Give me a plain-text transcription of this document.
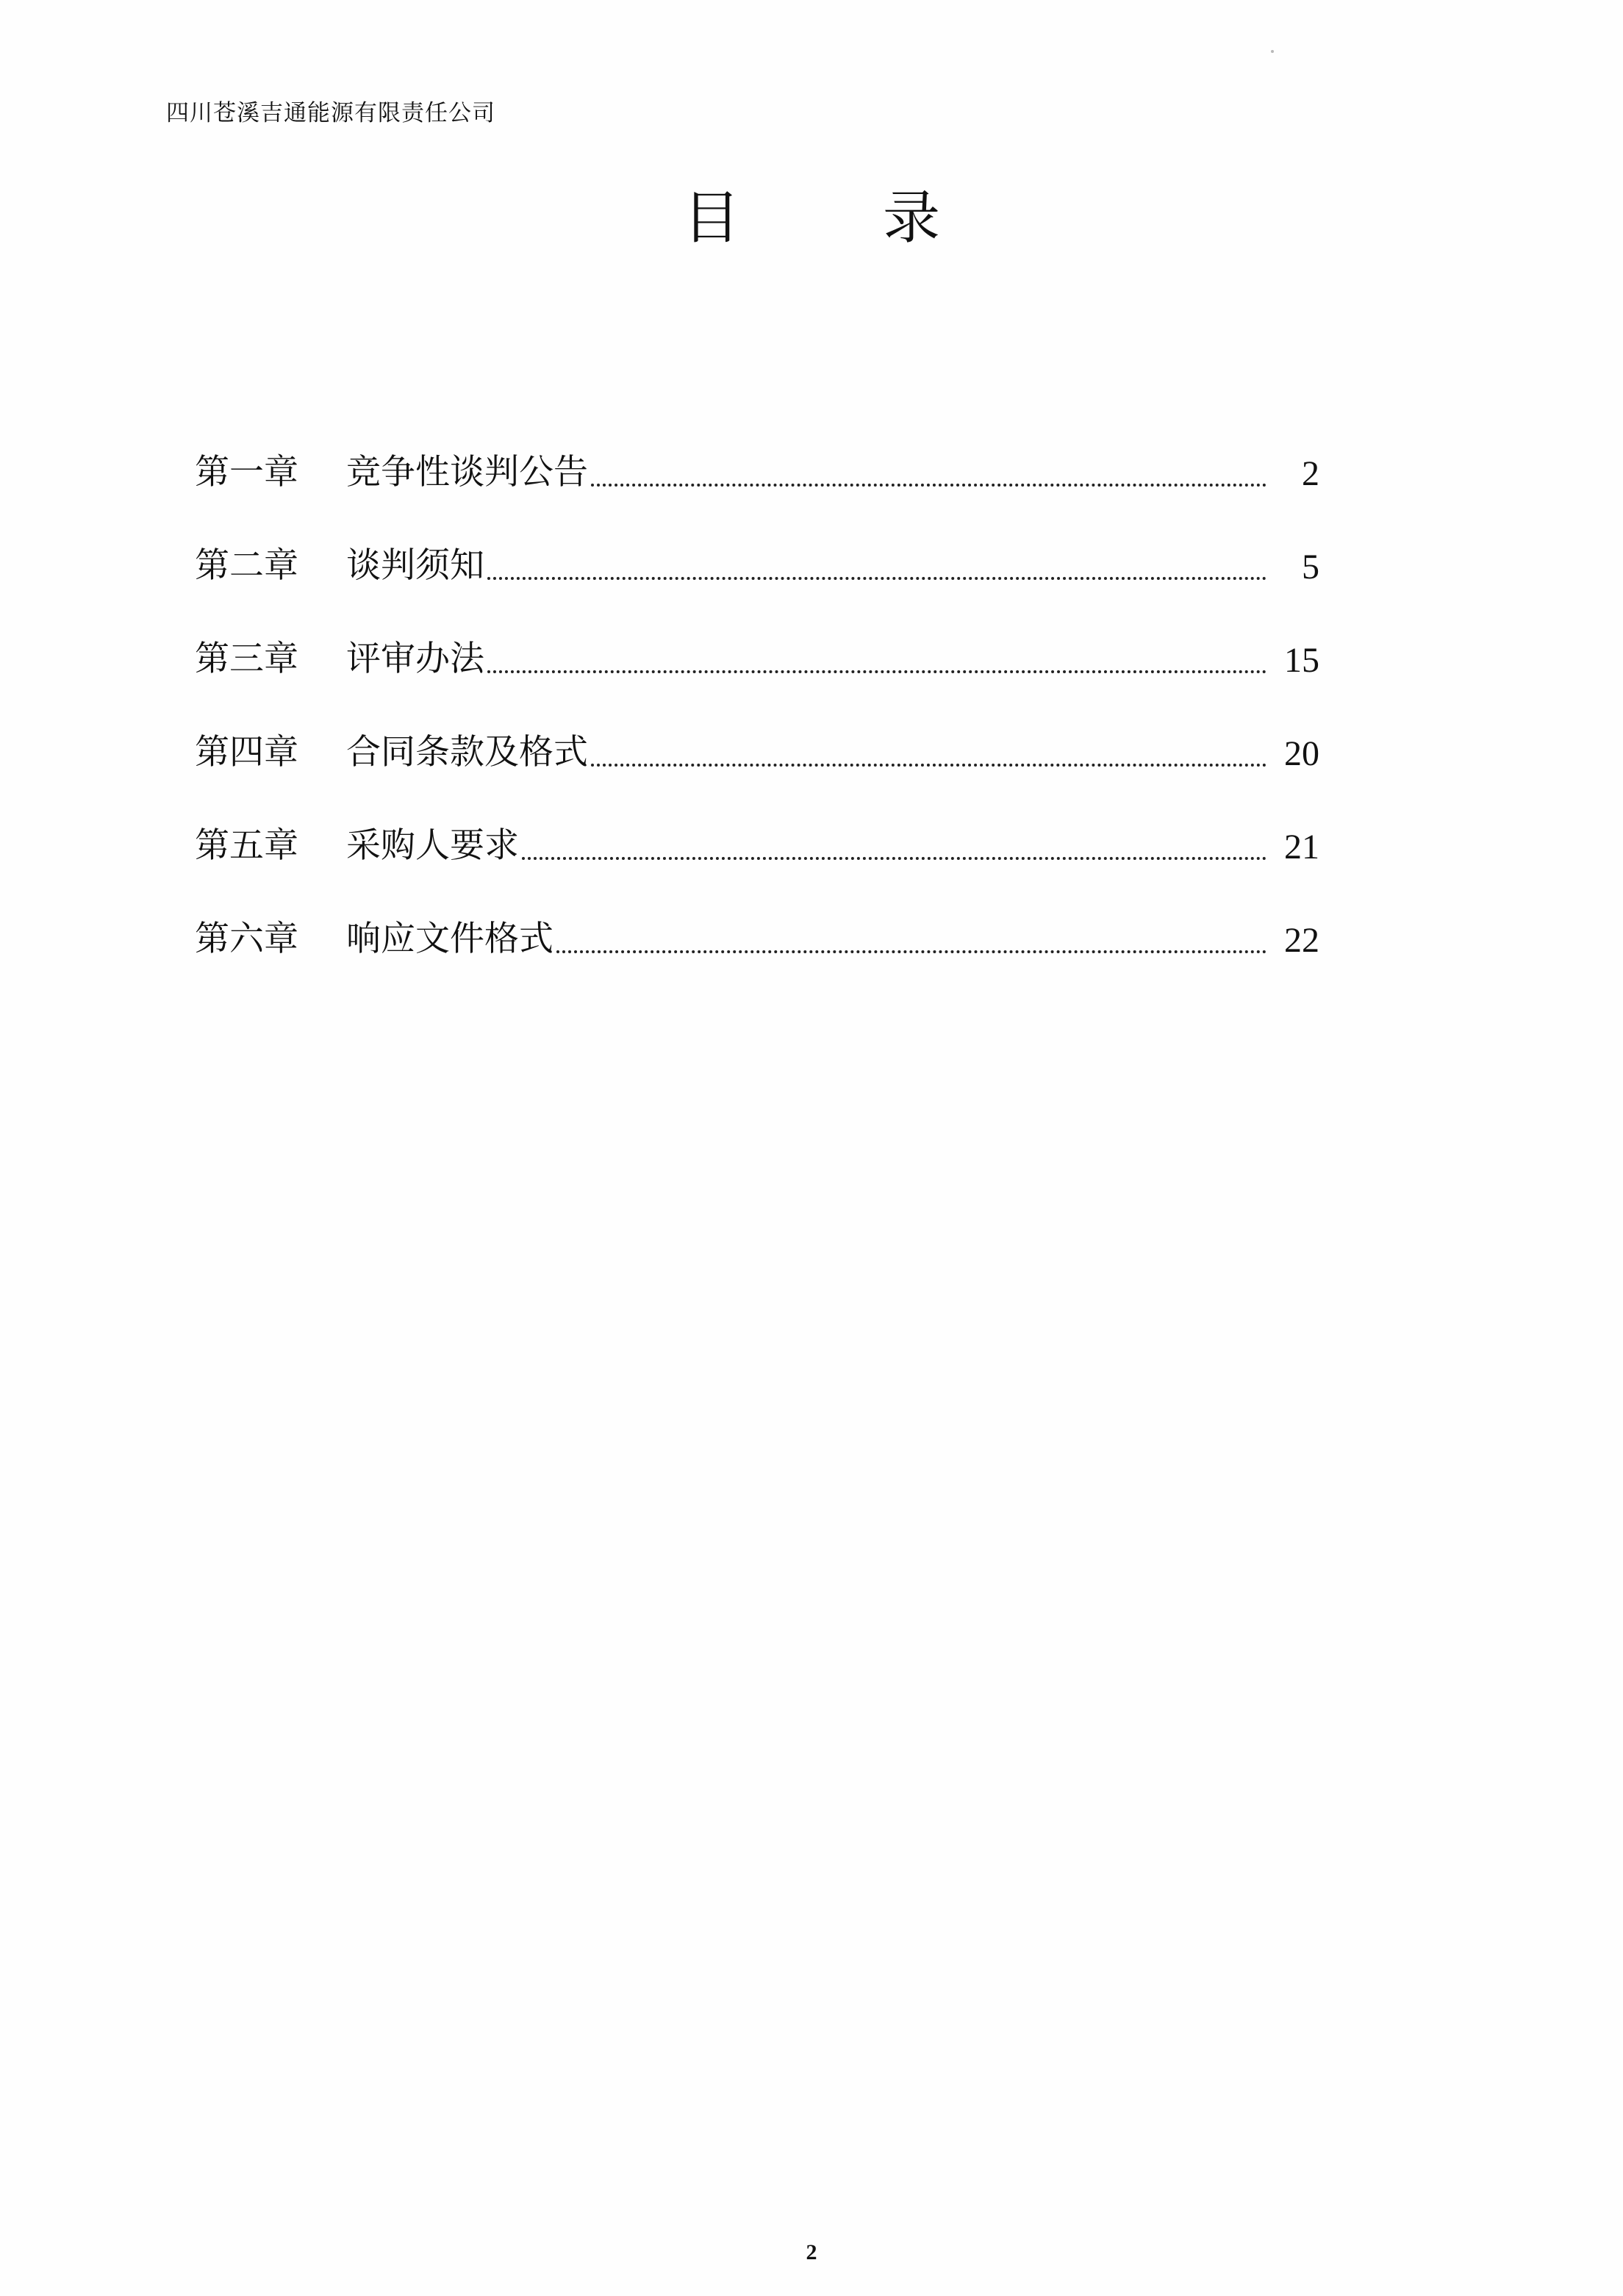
四川苍溪吉通能源有限责任公司
目 录
第一章	竞争性谈判公告	2
第二章	谈判须知	5
第三章	评审办法	15
第四章	合同条款及格式	20
第五章	采购人要求	21
第六章	响应文件格式	22
2
